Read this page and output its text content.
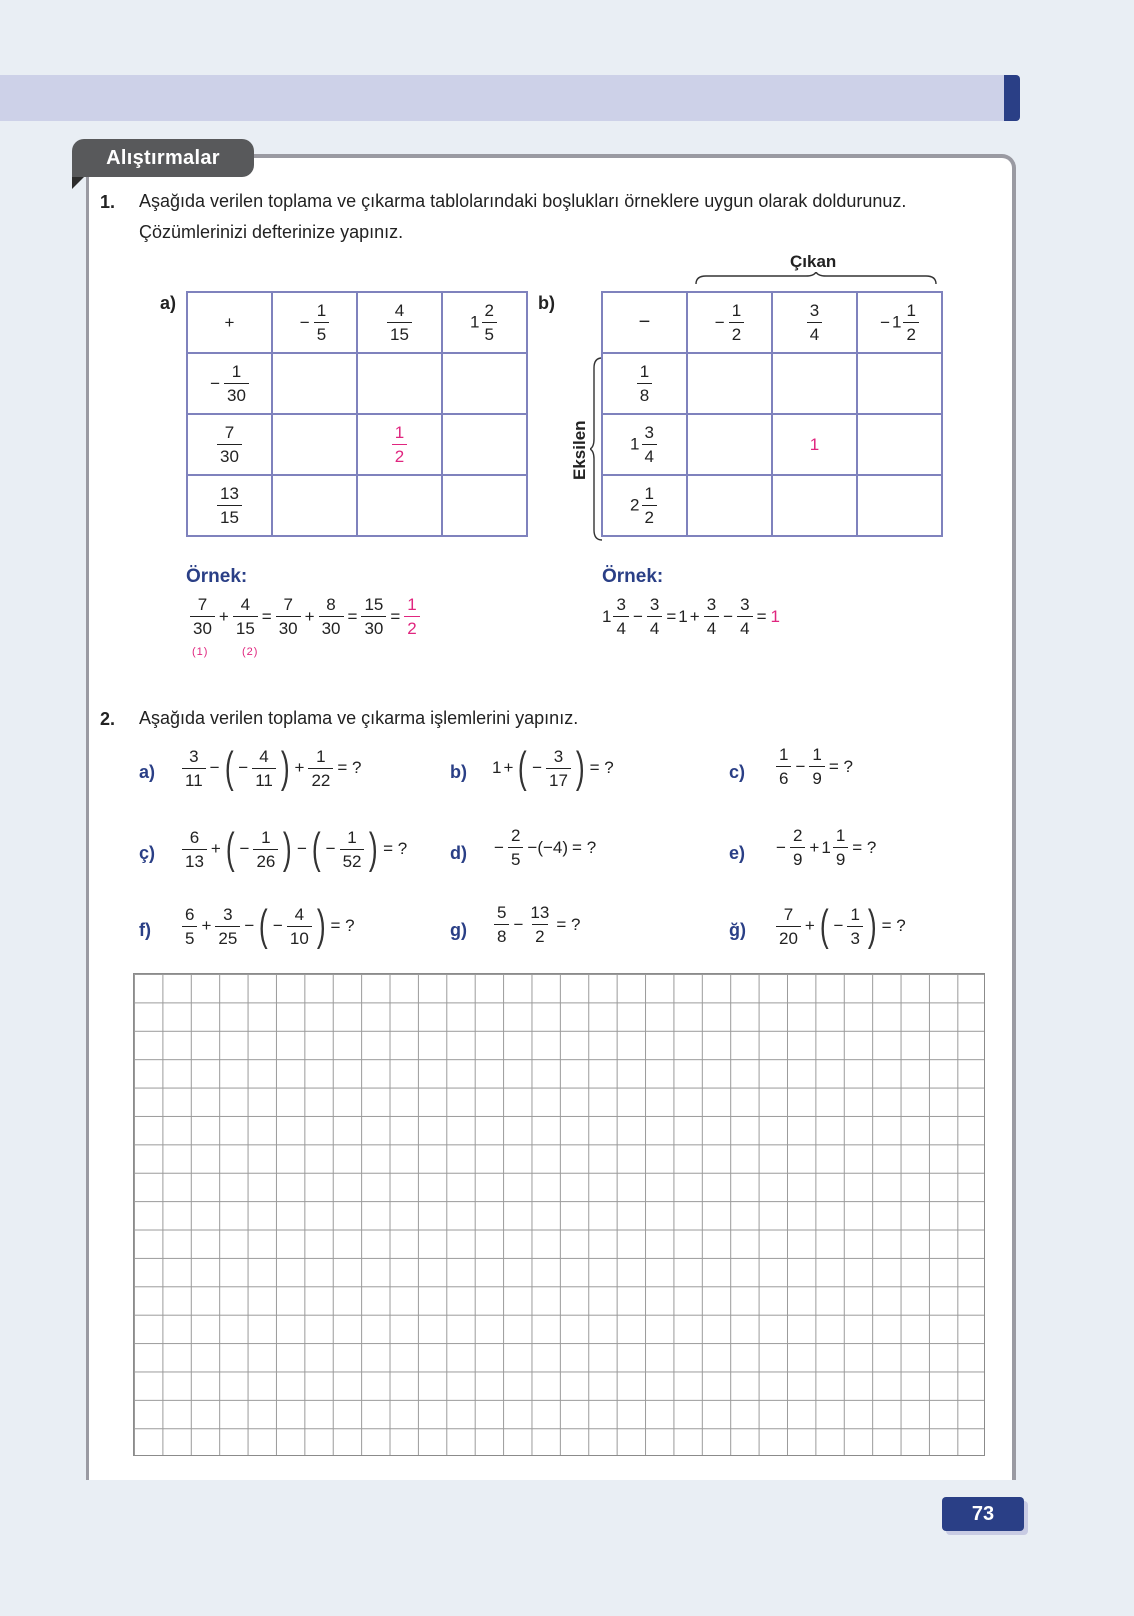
Alıştırmalar
1. Aşağıda verilen toplama ve çıkarma tablolarındaki boşlukları örneklere uygun olarak doldurunuz.
Çözümlerinizi defterinize yapınız.
a)
+	− $\frac{1}{5}$	$\frac{4}{15}$	$1 \frac{2}{5}$

− $\frac{1}{30}$

$\frac{7}{30}$		$\frac{1}{2}$

$\frac{13}{15}$

b)
Çıkan
Eksilen
−	− $\frac{1}{2}$	$\frac{3}{4}$	− $1 \frac{1}{2}$

$\frac{1}{8}$

$1 \frac{3}{4}$		1	
$2 \frac{1}{2}$

Örnek:	Örnek:
7
30
+ $\frac{4}{15} = \frac{7}{30} + \frac{8}{30} = \frac{15}{30} = \frac{1}{2}$
(1)	(2)
1
3
4
− $\frac{3}{4} = 1 + \frac{3}{4} - \frac{3}{4} = 1$
2. Aşağıda verilen toplama ve çıkarma işlemlerini yapınız.
a)
3
11
− ( − $\frac{4}{11}$ ) + $\frac{1}{22}$ = ?	b) 1 + ( − $\frac{3}{17}$ ) = ?	c)
1
6
− $\frac{1}{9}$ = ?
ç)
6
13
+ ( − $\frac{1}{26}$ ) − ( − $\frac{1}{52}$ ) = ? $d) - \frac{2}{5} -(-4)$ = ?	$e) - \frac{2}{9} + 1 \frac{1}{9}$ = ?
f)
6
5
+ $\frac{3}{25}$ − ( − $\frac{4}{10}$ ) = ?	g)
5
8
− $\frac{13}{2}$ = ?	ğ)
7
20
+ ( − $\frac{1}{3}$ ) = ?
73
